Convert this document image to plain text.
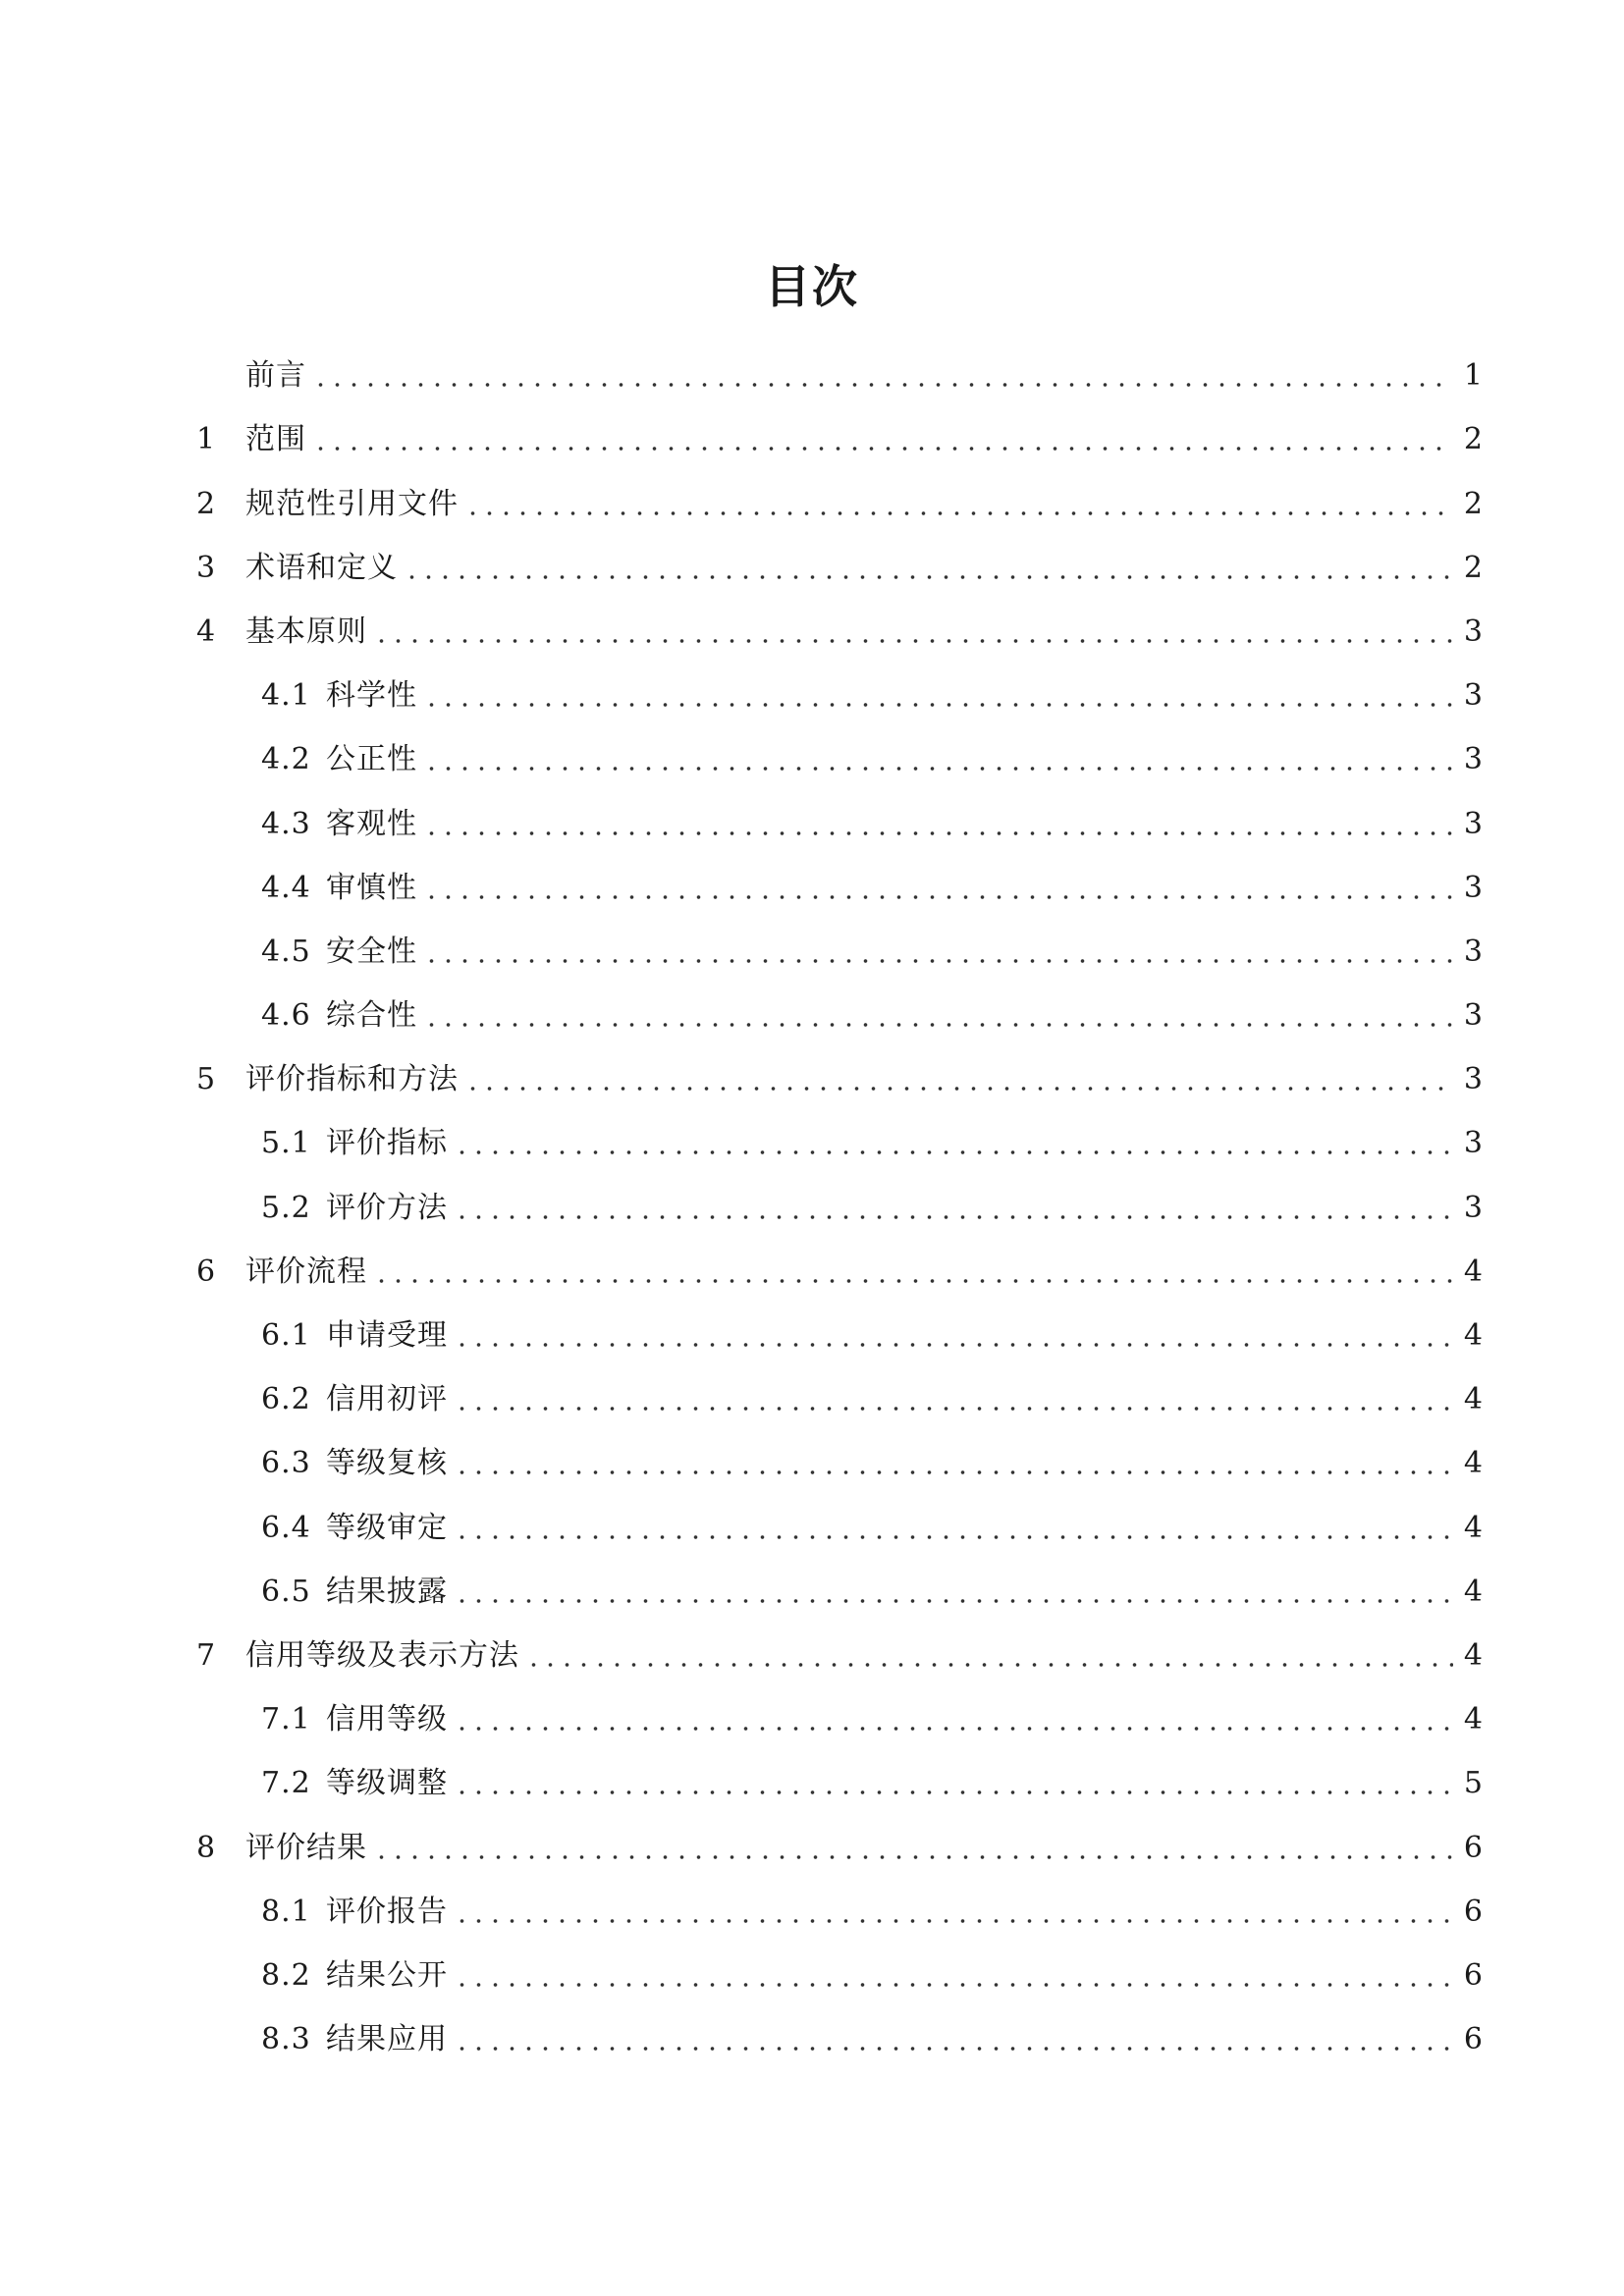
目次
前言	1
1	范围	2
2	规范性引用文件	2
3	术语和定义	2
4	基本原则	3
4.1 科学性	3
4.2 公正性	3
4.3 客观性	3
4.4 审慎性	3
4.5 安全性	3
4.6 综合性	3
5	评价指标和方法	3
5.1 评价指标	3
5.2 评价方法	3
6	评价流程	4
6.1 申请受理	4
6.2 信用初评	4
6.3 等级复核	4
6.4 等级审定	4
6.5 结果披露	4
7	信用等级及表示方法	4
7.1 信用等级	4
7.2 等级调整	5
8	评价结果	6
8.1 评价报告	6
8.2 结果公开	6
8.3 结果应用	6
